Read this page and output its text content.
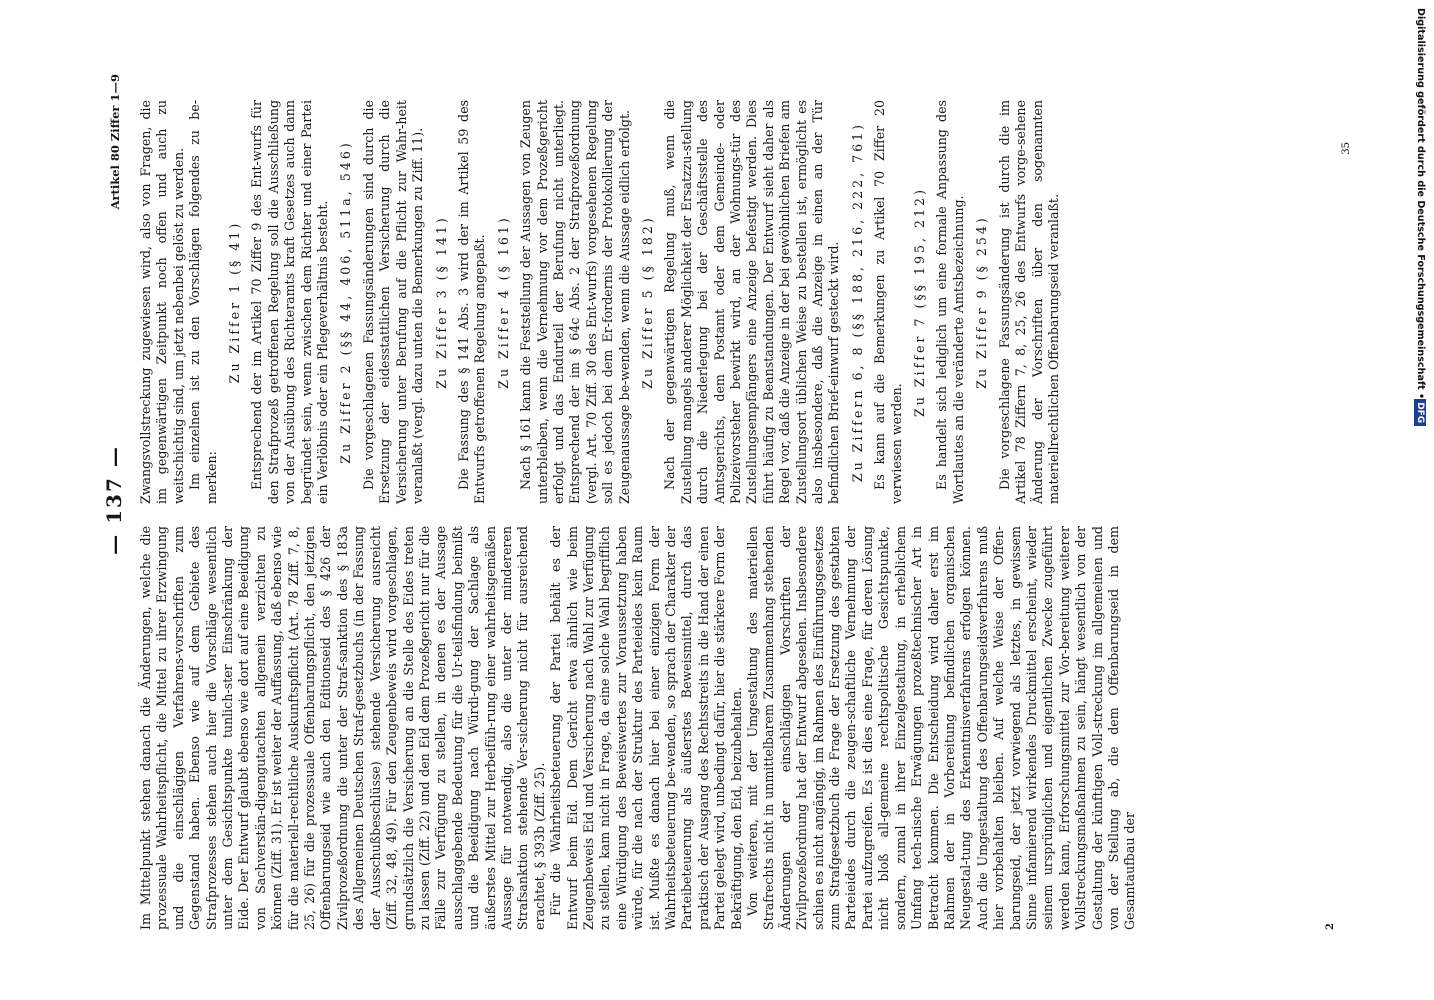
— 137 —
Artikel 80 Ziffer 1—9

Im Mittelpunkt stehen danach die Änderungen, welche die prozessuale Wahrheitspflicht, die Mittel zu ihrer Erzwingung und die einschlägigen Verfahrens-vorschriften zum Gegenstand haben. Ebenso wie auf dem Gebiete des Strafprozesses stehen auch hier die Vorschläge wesentlich unter dem Gesichtspunkte tunlich-ster Einschränkung der Eide. Der Entwurf glaubt ebenso wie dort auf eine Beeidigung von Sachverstän-digengutachten allgemein verzichten zu können (Ziff. 31). Er ist weiter der Auffassung, daß ebenso wie für die materiell-rechtliche Auskunftspflicht (Art. 78 Ziff. 7, 8, 25, 26) für die prozessuale Offenbarungspflicht, den jetzigen Offenbarungseid wie auch den Editionseid des § 426 der Zivilprozeßordnung die unter der Straf-sanktion des § 183a des Allgemeinen Deutschen Straf-gesetzbuchs (in der Fassung der Ausschußbeschlüsse) stehende Versicherung ausreicht (Ziff. 32, 48, 49). Für den Zeugenbeweis wird vorgeschlagen, grundsätzlich die Versicherung an die Stelle des Eides treten zu lassen (Ziff. 22) und den Eid dem Prozeßgericht nur für die Fälle zur Verfügung zu stellen, in denen es der Aussage ausschlaggebende Bedeutung für die Ur-teilsfindung beimißt und die Beeidigung nach Würdi-gung der Sachlage als äußerstes Mittel zur Herbeifüh-rung einer wahrheitsgemäßen Aussage für notwendig, also die unter der mindereren Strafsanktion stehende Ver-sicherung nicht für ausreichend erachtet, § 393b (Ziff. 25). Für die Wahrheitsbeteuerung der Partei behält es der Entwurf beim Eid. Dem Gericht etwa ähnlich wie beim Zeugenbeweis Eid und Versicherung nach Wahl zur Verfügung zu stellen, kam nicht in Frage, da eine solche Wahl begrifflich eine Würdigung des Beweiswertes zur Voraussetzung haben würde, für die nach der Struktur des Parteieides kein Raum ist. Mußte es danach hier bei einer einzigen Form der Wahrheitsbeteuerung be-wenden, so sprach der Charakter der Parteibeteuerung als äußerstes Beweismittel, durch das praktisch der Ausgang des Rechtsstreits in die Hand der einen Partei gelegt wird, unbedingt dafür, hier die stärkere Form der Bekräftigung, den Eid, beizubehalten. Von weiteren, mit der Umgestaltung des materiellen Strafrechts nicht in unmittelbarem Zusammenhang stehenden Änderungen der einschlägigen Vorschriften der Zivilprozeßordnung hat der Entwurf abgesehen. Insbesondere schien es nicht angängig, im Rahmen des Einführungsgesetzes zum Strafgesetzbuch die Frage der Ersetzung des gestabten Parteieides durch die zeugen-schaftliche Vernehmung der Partei aufzugreifen. Es ist dies eine Frage, für deren Lösung nicht bloß all-gemeine rechtspolitische Gesichtspunkte, sondern, zumal in ihrer Einzelgestaltung, in erheblichem Umfang tech-nische Erwägungen prozeßtechnischer Art in Betracht kommen. Die Entscheidung wird daher erst im Rahmen der in Vorbereitung befindlichen organischen Neugestal-tung des Erkenntnisverfahrens erfolgen können. Auch die Umgestaltung des Offenbarungseidsverfahrens muß hier vorbehalten bleiben. Auf welche Weise der Offen-barungseid, der jetzt vorwiegend als letztes, in gewissem Sinne infamierend wirkendes Druckmittel erscheint, wieder seinem ursprünglichen und eigentlichen Zwecke zugeführt werden kann, Erforschungsmittel zur Vor-bereitung weiterer Vollstreckungsmaßnahmen zu sein, hängt wesentlich von der Gestaltung der künftigen Voll-streckung im allgemeinen und von der Stellung ab, die dem Offenbarungseid in dem Gesamtaufbau der

Zwangsvollstreckung zugewiesen wird, also von Fragen, die im gegenwärtigen Zeitpunkt noch offen und auch zu weitschichtig sind, um jetzt nebenbei gelöst zu werden. Im einzelnen ist zu den Vorschlägen folgendes zu be-merken:

Zu Ziffer 1 (§ 41) Entsprechend der im Artikel 70 Ziffer 9 des Ent-wurfs für den Strafprozeß getroffenen Regelung soll die Ausschließung von der Ausübung des Richteramts kraft Gesetzes auch dann begründet sein, wenn zwischen dem Richter und einer Partei ein Verlöbnis oder ein Pflegeverhältnis besteht. Zu Ziffer 2 (§§ 44, 406, 511a, 546) Die vorgeschlagenen Fassungsänderungen sind durch die Ersetzung der eidesstattlichen Versicherung durch die Versicherung unter Berufung auf die Pflicht zur Wahr-heit veranlaßt (vergl. dazu unten die Bemerkungen zu Ziff. 11). Zu Ziffer 3 (§ 141) Die Fassung des § 141 Abs. 3 wird der im Artikel 59 des Entwurfs getroffenen Regelung angepaßt. Zu Ziffer 4 (§ 161) Nach § 161 kann die Feststellung der Aussagen von Zeugen unterbleiben, wenn die Vernehmung vor dem Prozeßgericht erfolgt und das Endurteil der Berufung nicht unterliegt. Entsprechend der im § 64c Abs. 2 der Strafprozeßordnung (vergl. Art. 70 Ziff. 30 des Ent-wurfs) vorgesehenen Regelung soll es jedoch bei dem Er-fordernis der Protokollierung der Zeugenaussage be-wenden, wenn die Aussage eidlich erfolgt. Zu Ziffer 5 (§ 182) Nach der gegenwärtigen Regelung muß, wenn die Zustellung mangels anderer Möglichkeit der Ersatzzu-stellung durch die Niederlegung bei der Geschäftsstelle des Amtsgerichts, dem Postamt oder dem Gemeinde- oder Polizeivorsteher bewirkt wird, an der Wohnungs-tür des Zustellungsempfängers eine Anzeige befestigt werden. Dies führt häufig zu Beanstandungen. Der Entwurf sieht daher als Regel vor, daß die Anzeige in der bei gewöhnlichen Briefen am Zustellungsort üblichen Weise zu bestellen ist, ermöglicht es also insbesondere, daß die Anzeige in einen an der Tür befindlichen Brief-einwurf gesteckt wird. Zu Ziffern 6, 8 (§§ 188, 216, 222, 761) Es kann auf die Bemerkungen zu Artikel 70 Ziffer 20 verwiesen werden.

Zu Ziffer 7 (§§ 195, 212) Es handelt sich lediglich um eine formale Anpassung des Wortlautes an die veränderte Amtsbezeichnung. Zu Ziffer 9 (§ 254) Die vorgeschlagene Fassungsänderung ist durch die im Artikel 78 Ziffern 7, 8, 25, 26 des Entwurfs vorge-sehene Änderung der Vorschriften über den sogenannten materiellrechtlichen Offenbarungseid veranlaßt.

2
35	Digitalisierung gefördert durch die Deutsche Forschungsgemeinschaft •DFG
